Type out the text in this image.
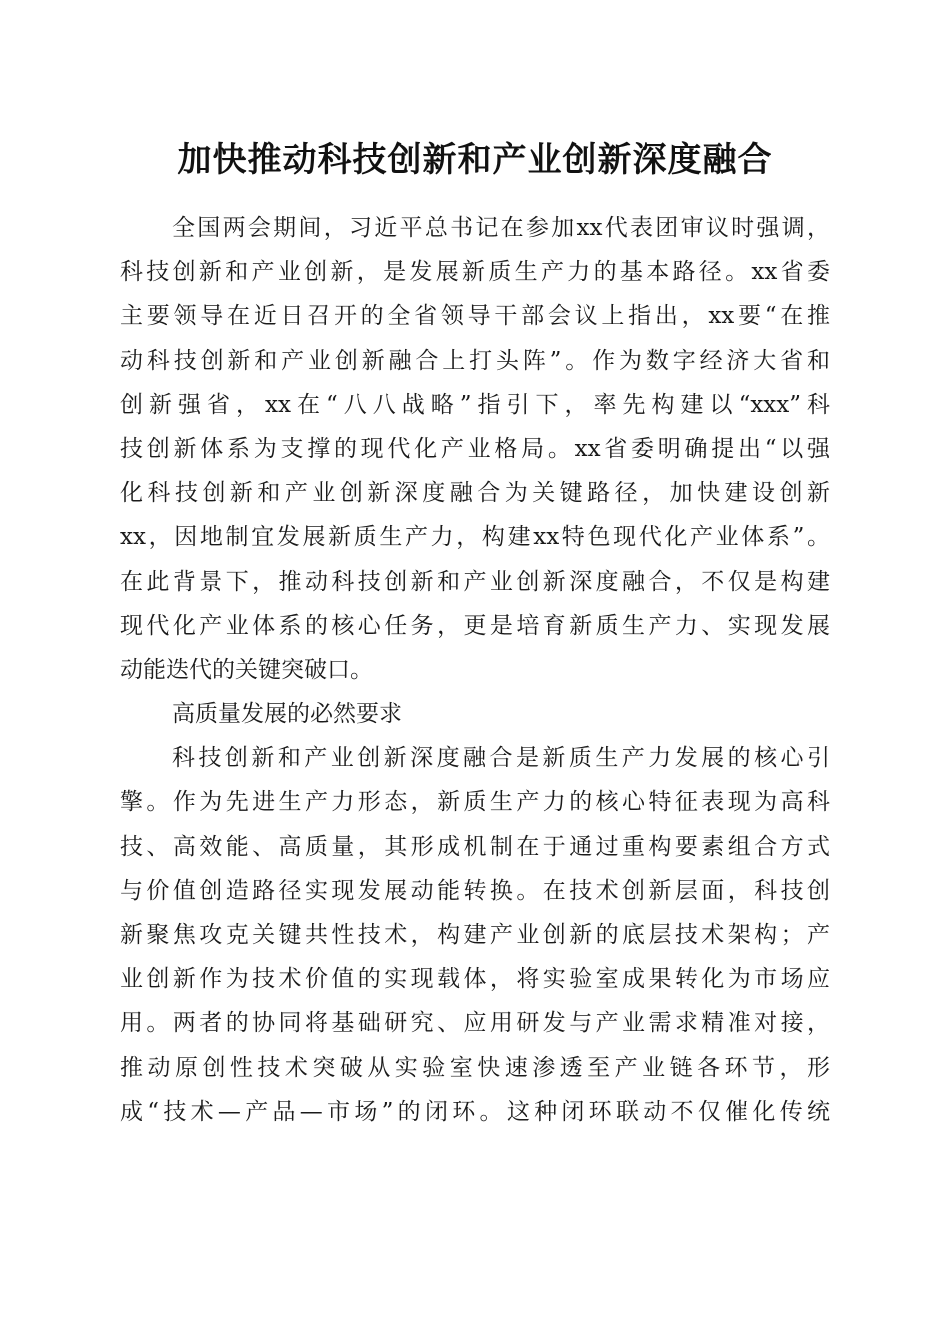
加快推动科技创新和产业创新深度融合
全国两会期间，习近平总书记在参加xx代表团审议时强调，
科技创新和产业创新，是发展新质生产力的基本路径。xx省委
主要领导在近日召开的全省领导干部会议上指出，xx要“在推
动科技创新和产业创新融合上打头阵”。作为数字经济大省和
创新强省，xx在“八八战略”指引下，率先构建以“xxx”科
技创新体系为支撑的现代化产业格局。xx省委明确提出“以强
化科技创新和产业创新深度融合为关键路径，加快建设创新
xx，因地制宜发展新质生产力，构建xx特色现代化产业体系”。
在此背景下，推动科技创新和产业创新深度融合，不仅是构建
现代化产业体系的核心任务，更是培育新质生产力、实现发展
动能迭代的关键突破口。
高质量发展的必然要求
科技创新和产业创新深度融合是新质生产力发展的核心引
擎。作为先进生产力形态，新质生产力的核心特征表现为高科
技、高效能、高质量，其形成机制在于通过重构要素组合方式
与价值创造路径实现发展动能转换。在技术创新层面，科技创
新聚焦攻克关键共性技术，构建产业创新的底层技术架构；产
业创新作为技术价值的实现载体，将实验室成果转化为市场应
用。两者的协同将基础研究、应用研发与产业需求精准对接，
推动原创性技术突破从实验室快速渗透至产业链各环节，形
成“技术—产品—市场”的闭环。这种闭环联动不仅催化传统
